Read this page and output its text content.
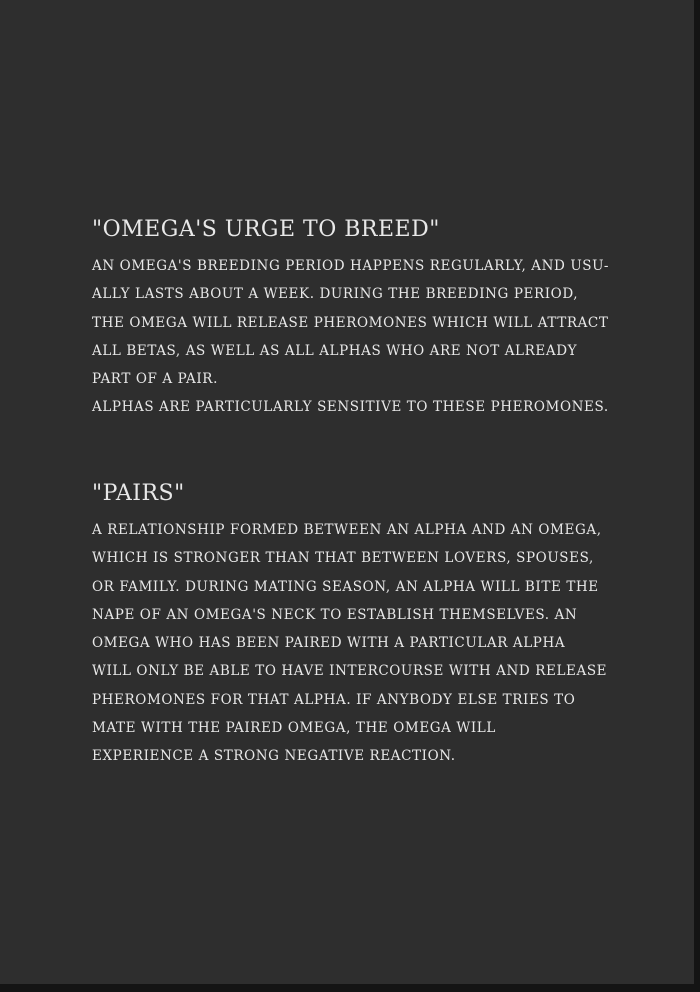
"OMEGA'S URGE TO BREED"
AN OMEGA'S BREEDING PERIOD HAPPENS REGULARLY, AND USU-
ALLY LASTS ABOUT A WEEK. DURING THE BREEDING PERIOD,
THE OMEGA WILL RELEASE PHEROMONES WHICH WILL ATTRACT
ALL BETAS, AS WELL AS ALL ALPHAS WHO ARE NOT ALREADY
PART OF A PAIR.
ALPHAS ARE PARTICULARLY SENSITIVE TO THESE PHEROMONES.
"PAIRS"
A RELATIONSHIP FORMED BETWEEN AN ALPHA AND AN OMEGA,
WHICH IS STRONGER THAN THAT BETWEEN LOVERS, SPOUSES,
OR FAMILY. DURING MATING SEASON, AN ALPHA WILL BITE THE
NAPE OF AN OMEGA'S NECK TO ESTABLISH THEMSELVES. AN
OMEGA WHO HAS BEEN PAIRED WITH A PARTICULAR ALPHA
WILL ONLY BE ABLE TO HAVE INTERCOURSE WITH AND RELEASE
PHEROMONES FOR THAT ALPHA. IF ANYBODY ELSE TRIES TO
MATE WITH THE PAIRED OMEGA, THE OMEGA WILL
EXPERIENCE A STRONG NEGATIVE REACTION.
